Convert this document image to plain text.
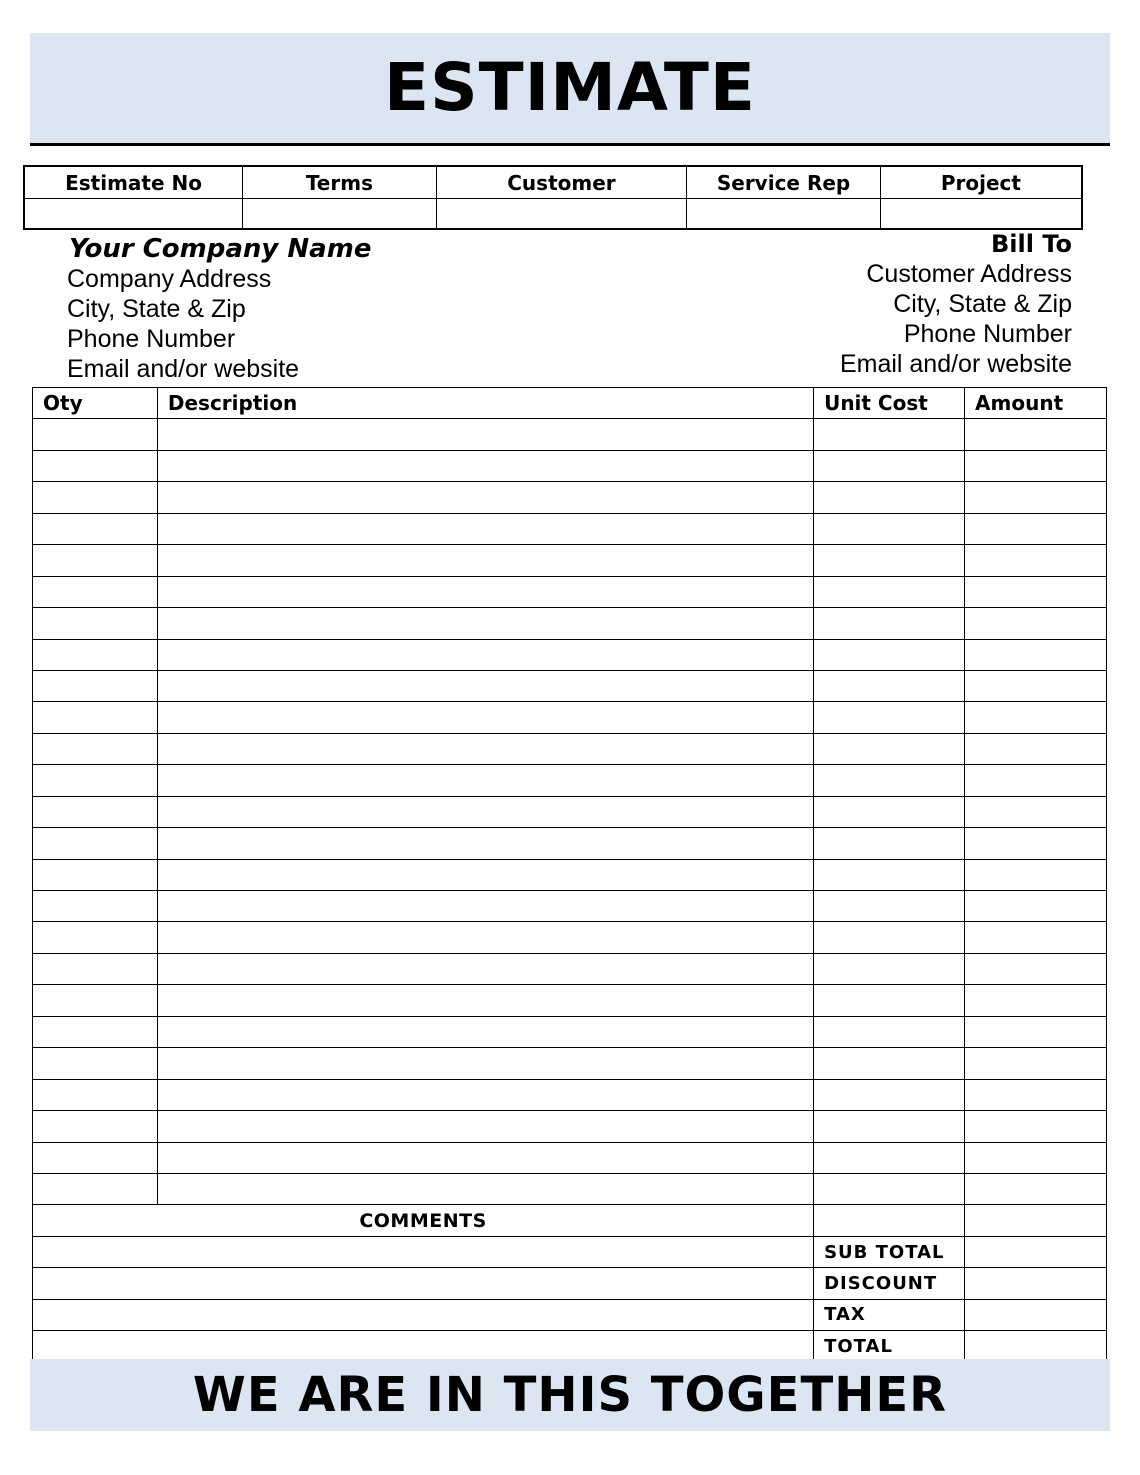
ESTIMATE
Estimate No	Terms	Customer	Service Rep	Project

Your Company Name
Company Address
City, State & Zip
Phone Number
Email and/or website
Bill To
Customer Address
City, State & Zip
Phone Number
Email and/or website
Oty	Description	Unit Cost	Amount

COMMENTS			
		SUB TOTAL	
		DISCOUNT	
		TAX	
		TOTAL	
WE ARE IN THIS TOGETHER
